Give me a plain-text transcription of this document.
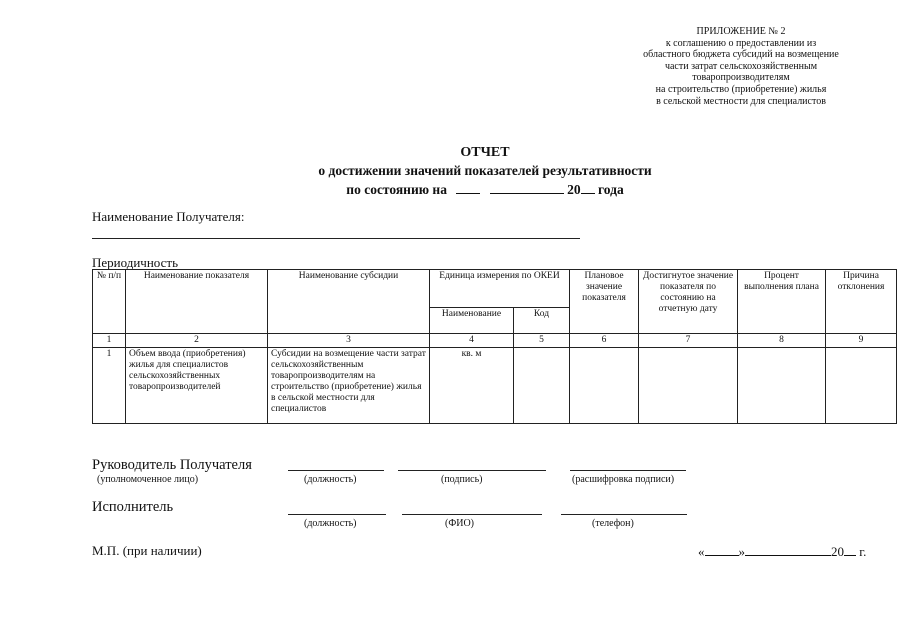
ПРИЛОЖЕНИЕ № 2
к соглашению о предоставлении из
областного бюджета субсидий на возмещение
части затрат сельскохозяйственным
товаропроизводителям
на строительство (приобретение) жилья
в сельской местности для специалистов
ОТЧЕТ
о достижении значений показателей результативности
по состоянию на	20 года
Наименование Получателя:
Периодичность
№ п/п	Наименование показателя	Наименование субсидии	Единица измерения по ОКЕИ		Плановое значение показателя	Достигнутое значение показателя по состоянию на отчетную дату	Процент выполнения плана	Причина отклонения
			Наименование	Код				
1	2	3	4	5	6	7	8	9
1	Объем ввода (приобретения) жилья для специалистов сельскохозяйственных товаропроизводителей	Субсидии на возмещение части затрат сельскохозяйственным товаропроизводителям на строительство (приобретение) жилья в сельской местности для специалистов	кв. м					
Руководитель Получателя
(уполномоченное лицо)	(должность)	(подпись)	(расшифровка подписи)
Исполнитель
(должность)	(ФИО)	(телефон)
М.П. (при наличии)	«	»	20 г.
